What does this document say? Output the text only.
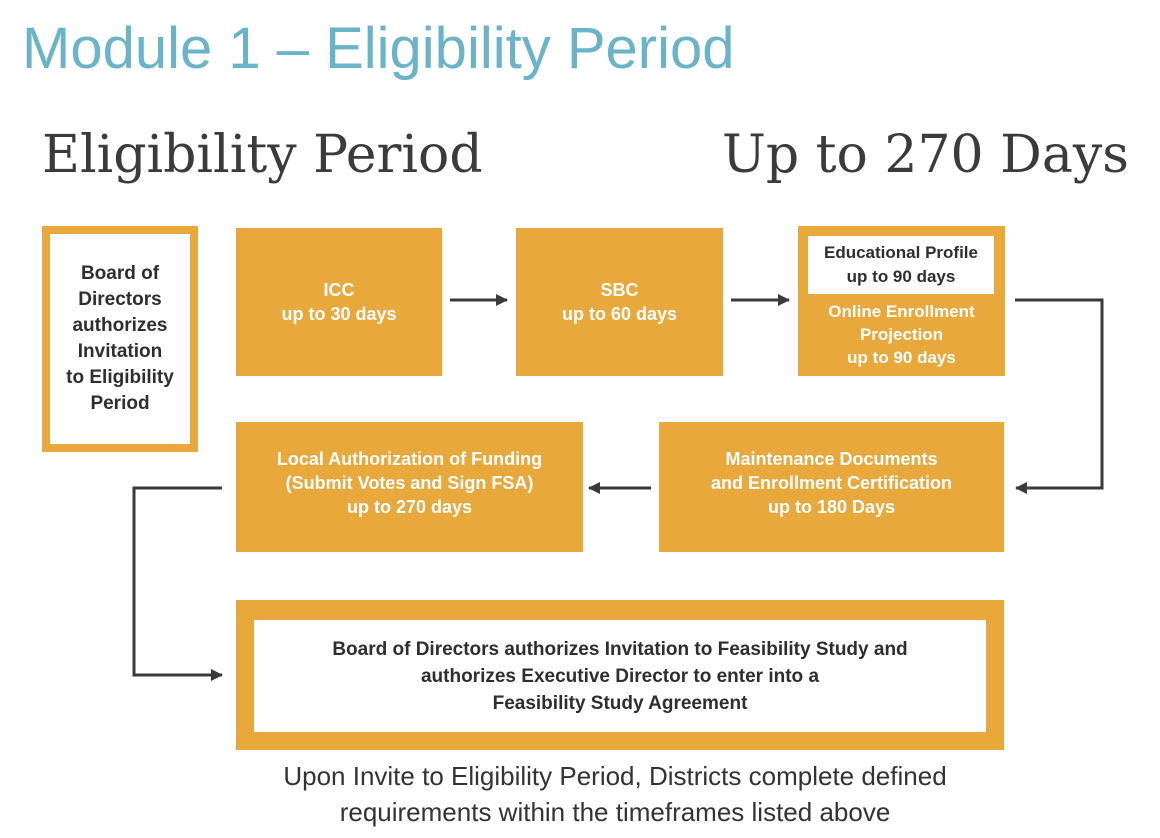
Module 1 – Eligibility Period
Eligibility Period	Up to 270 Days
Board of
Directors
authorizes
Invitation
to Eligibility
Period
ICC
up to 30 days
SBC
up to 60 days
Educational Profile
up to 90 days
Online Enrollment
Projection
up to 90 days
Maintenance Documents
and Enrollment Certification
up to 180 Days
Local Authorization of Funding
(Submit Votes and Sign FSA)
up to 270 days
Board of Directors authorizes Invitation to Feasibility Study and
authorizes Executive Director to enter into a
Feasibility Study Agreement
Upon Invite to Eligibility Period, Districts complete defined
requirements within the timeframes listed above
